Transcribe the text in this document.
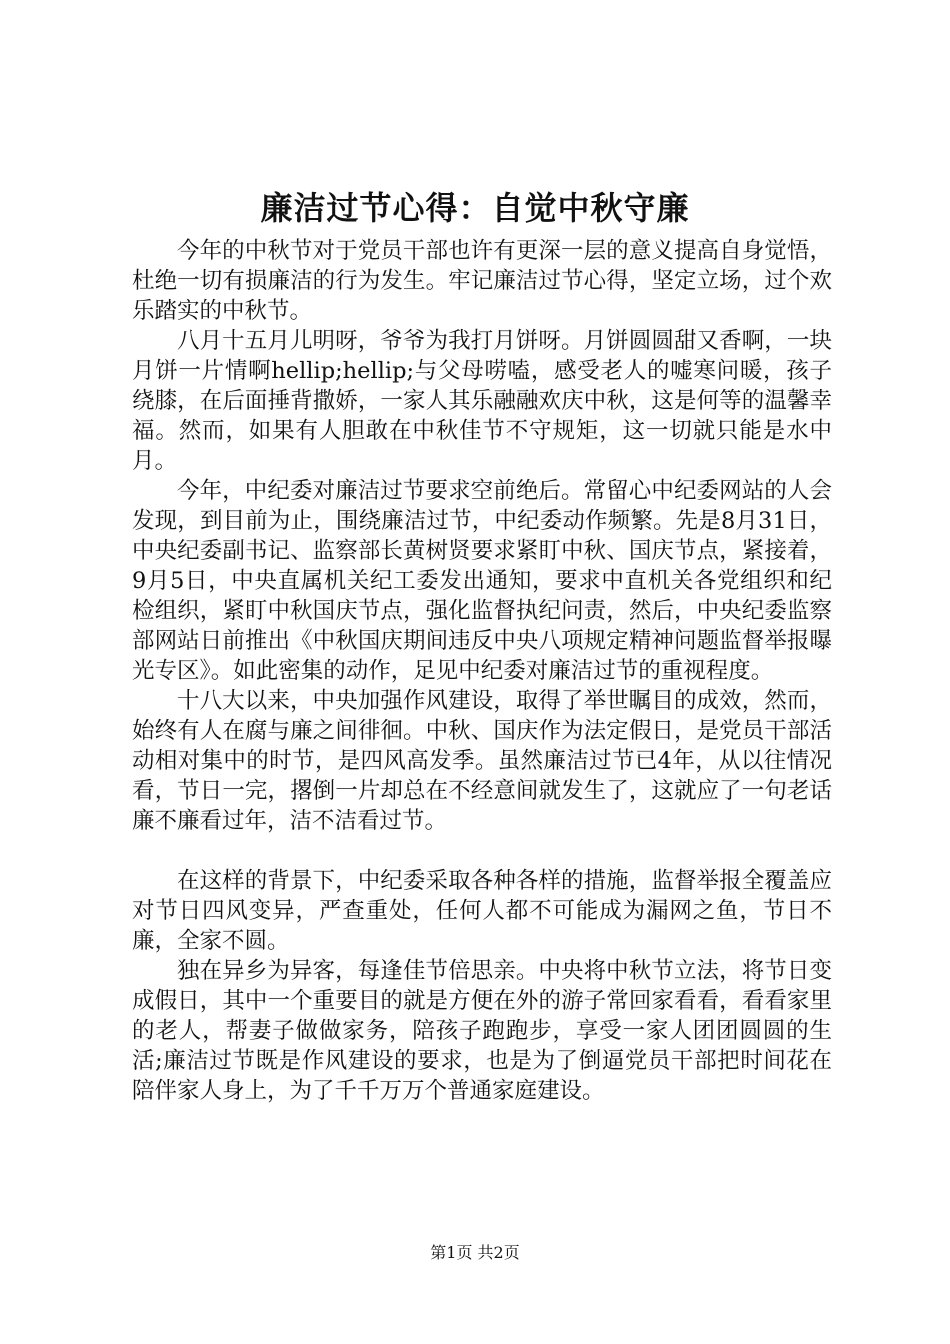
廉洁过节心得：自觉中秋守廉

今年的中秋节对于党员干部也许有更深一层的意义提高自身觉悟，杜绝一切有损廉洁的行为发生。牢记廉洁过节心得，坚定立场，过个欢乐踏实的中秋节。

八月十五月儿明呀，爷爷为我打月饼呀。月饼圆圆甜又香啊，一块月饼一片情啊hellip;hellip;与父母唠嗑，感受老人的嘘寒问暖，孩子绕膝，在后面捶背撒娇，一家人其乐融融欢庆中秋，这是何等的温馨幸福。然而，如果有人胆敢在中秋佳节不守规矩，这一切就只能是水中月。

今年，中纪委对廉洁过节要求空前绝后。常留心中纪委网站的人会发现，到目前为止，围绕廉洁过节，中纪委动作频繁。先是8月31日，中央纪委副书记、监察部长黄树贤要求紧盯中秋、国庆节点，紧接着，9月5日，中央直属机关纪工委发出通知，要求中直机关各党组织和纪检组织，紧盯中秋国庆节点，强化监督执纪问责，然后，中央纪委监察部网站日前推出《中秋国庆期间违反中央八项规定精神问题监督举报曝光专区》。如此密集的动作，足见中纪委对廉洁过节的重视程度。

十八大以来，中央加强作风建设，取得了举世瞩目的成效，然而，始终有人在腐与廉之间徘徊。中秋、国庆作为法定假日，是党员干部活动相对集中的时节，是四风高发季。虽然廉洁过节已4年，从以往情况看，节日一完，撂倒一片却总在不经意间就发生了，这就应了一句老话廉不廉看过年，洁不洁看过节。

在这样的背景下，中纪委采取各种各样的措施，监督举报全覆盖应对节日四风变异，严查重处，任何人都不可能成为漏网之鱼，节日不廉，全家不圆。

独在异乡为异客，每逢佳节倍思亲。中央将中秋节立法，将节日变成假日，其中一个重要目的就是方便在外的游子常回家看看，看看家里的老人，帮妻子做做家务，陪孩子跑跑步，享受一家人团团圆圆的生活;廉洁过节既是作风建设的要求，也是为了倒逼党员干部把时间花在陪伴家人身上，为了千千万万个普通家庭建设。

第1页 共2页
